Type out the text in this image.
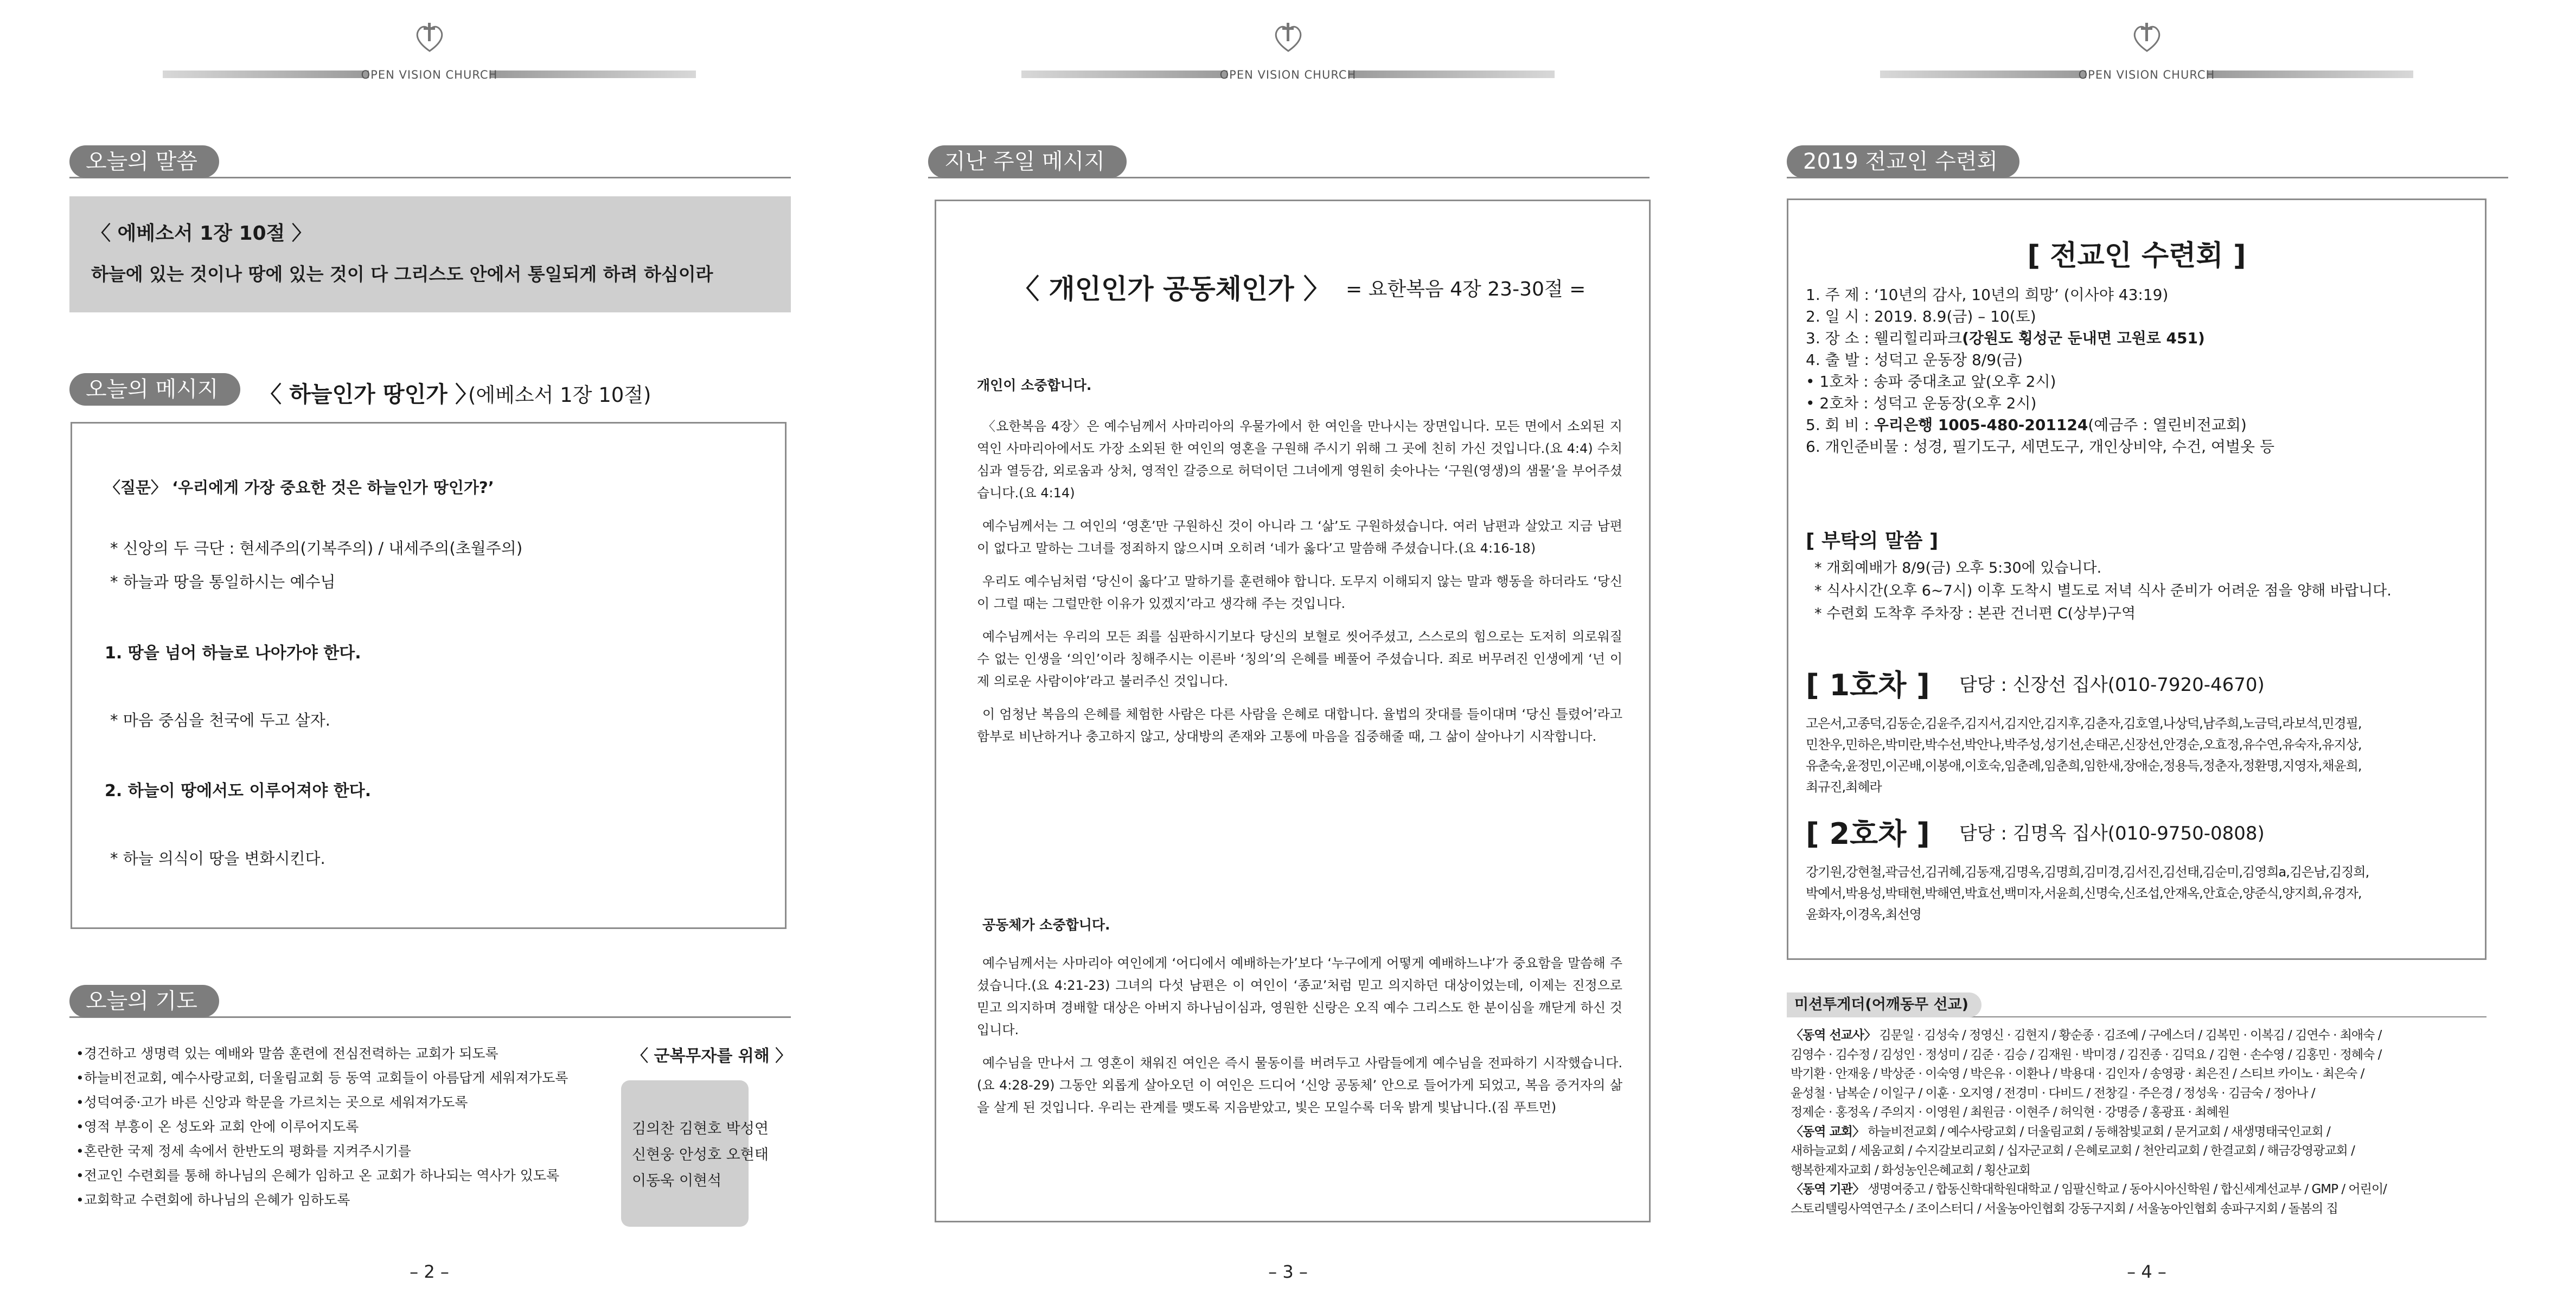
OPEN VISION CHURCH
오늘의 말씀
〈 에베소서 1장 10절 〉
하늘에 있는 것이나 땅에 있는 것이 다 그리스도 안에서 통일되게 하려 하심이라
오늘의 메시지	〈 하늘인가 땅인가 〉
(에베소서 1장 10절)
〈질문〉 ‘우리에게 가장 중요한 것은 하늘인가 땅인가?’
* 신앙의 두 극단 : 현세주의(기복주의) / 내세주의(초월주의)
* 하늘과 땅을 통일하시는 예수님
1. 땅을 넘어 하늘로 나아가야 한다.
* 마음 중심을 천국에 두고 살자.
2. 하늘이 땅에서도 이루어져야 한다.
* 하늘 의식이 땅을 변화시킨다.
오늘의 기도
•경건하고 생명력 있는 예배와 말씀 훈련에 전심전력하는 교회가 되도록
•하늘비전교회, 예수사랑교회, 더울림교회 등 동역 교회들이 아름답게 세워져가도록
•성덕여중·고가 바른 신앙과 학문을 가르치는 곳으로 세워져가도록
•영적 부흥이 온 성도와 교회 안에 이루어지도록
•혼란한 국제 정세 속에서 한반도의 평화를 지켜주시기를
•전교인 수련회를 통해 하나님의 은혜가 임하고 온 교회가 하나되는 역사가 있도록
•교회학교 수련회에 하나님의 은혜가 임하도록
〈 군복무자를 위해 〉
김의찬 김현호 박성연
신현웅 안성호 오현태
이동욱 이현석
– 2 –
OPEN VISION CHURCH
지난 주일 메시지
〈 개인인가 공동체인가 〉 = 요한복음 4장 23-30절 =
개인이 소중합니다.

〈요한복음 4장〉은 예수님께서 사마리아의 우물가에서 한 여인을 만나시는 장면입니다. 모든 면에서 소외된 지역인 사마리아에서도 가장 소외된 한 여인의 영혼을 구원해 주시기 위해 그 곳에 친히 가신 것입니다.(요 4:4) 수치심과 열등감, 외로움과 상처, 영적인 갈증으로 허덕이던 그녀에게 영원히 솟아나는 ‘구원(영생)의 샘물’을 부어주셨습니다.(요 4:14)

예수님께서는 그 여인의 ‘영혼’만 구원하신 것이 아니라 그 ‘삶’도 구원하셨습니다. 여러 남편과 살았고 지금 남편이 없다고 말하는 그녀를 정죄하지 않으시며 오히려 ‘네가 옳다’고 말씀해 주셨습니다.(요 4:16-18)

우리도 예수님처럼 ‘당신이 옳다’고 말하기를 훈련해야 합니다. 도무지 이해되지 않는 말과 행동을 하더라도 ‘당신이 그럴 때는 그럴만한 이유가 있겠지’라고 생각해 주는 것입니다.

예수님께서는 우리의 모든 죄를 심판하시기보다 당신의 보혈로 씻어주셨고, 스스로의 힘으로는 도저히 의로워질 수 없는 인생을 ‘의인’이라 칭해주시는 이른바 ‘칭의’의 은혜를 베풀어 주셨습니다. 죄로 버무려진 인생에게 ‘넌 이제 의로운 사람이야’라고 불러주신 것입니다.

이 엄청난 복음의 은혜를 체험한 사람은 다른 사람을 은혜로 대합니다. 율법의 잣대를 들이대며 ‘당신 틀렸어’라고 함부로 비난하거나 충고하지 않고, 상대방의 존재와 고통에 마음을 집중해줄 때, 그 삶이 살아나기 시작합니다.

공동체가 소중합니다.

예수님께서는 사마리아 여인에게 ‘어디에서 예배하는가’보다 ‘누구에게 어떻게 예배하느냐’가 중요함을 말씀해 주셨습니다.(요 4:21-23) 그녀의 다섯 남편은 이 여인이 ‘종교’처럼 믿고 의지하던 대상이었는데, 이제는 진정으로 믿고 의지하며 경배할 대상은 아버지 하나님이심과, 영원한 신랑은 오직 예수 그리스도 한 분이심을 깨닫게 하신 것입니다.

예수님을 만나서 그 영혼이 채워진 여인은 즉시 물동이를 버려두고 사람들에게 예수님을 전파하기 시작했습니다.(요 4:28-29) 그동안 외롭게 살아오던 이 여인은 드디어 ‘신앙 공동체’ 안으로 들어가게 되었고, 복음 증거자의 삶을 살게 된 것입니다. 우리는 관계를 맺도록 지음받았고, 빛은 모일수록 더욱 밝게 빛납니다.(짐 푸트먼)

– 3 –
OPEN VISION CHURCH
2019 전교인 수련회
[ 전교인 수련회 ]
1. 주 제 : ‘10년의 감사, 10년의 희망’ (이사야 43:19)
2. 일 시 : 2019. 8.9(금) – 10(토)
3. 장 소 : 웰리힐리파크(강원도 횡성군 둔내면 고원로 451)
4. 출 발 : 성덕고 운동장 8/9(금)
• 1호차 : 송파 중대초교 앞(오후 2시)
• 2호차 : 성덕고 운동장(오후 2시)
5. 회 비 : 우리은행 1005-480-201124(예금주 : 열린비전교회)
6. 개인준비물 : 성경, 필기도구, 세면도구, 개인상비약, 수건, 여벌옷 등
[ 부탁의 말씀 ]
* 개회예배가 8/9(금) 오후 5:30에 있습니다.
* 식사시간(오후 6~7시) 이후 도착시 별도로 저녁 식사 준비가 어려운 점을 양해 바랍니다.
* 수련회 도착후 주차장 : 본관 건너편 C(상부)구역
[ 1호차 ] 담당 : 신장선 집사(010-7920-4670)
고은서,고종덕,김동순,김윤주,김지서,김지안,김지후,김춘자,김호열,나상덕,남주희,노금덕,라보석,민경필,
민찬우,민하은,박미란,박수선,박안나,박주성,성기선,손태곤,신장선,안경순,오효정,유수연,유숙자,유지상,
유춘숙,윤정민,이곤배,이봉애,이호숙,임춘례,임춘희,임한새,장애순,정용득,정춘자,정환명,지영자,채윤희,
최규진,최혜라
[ 2호차 ] 담당 : 김명옥 집사(010-9750-0808)
강기원,강현철,곽금선,김귀혜,김동재,김명옥,김명희,김미경,김서진,김선태,김순미,김영희a,김은남,김징희,
박예서,박용성,박태현,박해연,박효선,백미자,서윤희,신명숙,신조섭,안재옥,안효순,양준식,양지희,유경자,
윤화자,이경옥,최선영
미션투게더(어깨동무 선교)
〈동역 선교사〉 김문일 · 김성숙 / 정영신 · 김현지 / 황순종 · 김조예 / 구에스더 / 김복민 · 이복김 / 김연수 · 최애숙 /
김영수 · 김수정 / 김성인 · 정성미 / 김준 · 김승 / 김재원 · 박미경 / 김진종 · 김덕요 / 김현 · 손수영 / 김홍민 · 정혜숙 /
박기환 · 안재웅 / 박상준 · 이숙영 / 박은유 · 이환나 / 박용대 · 김인자 / 송영광 · 최은진 / 스티브 카이노 · 최은숙 /
윤성철 · 남복순 / 이일구 / 이훈 · 오지영 / 전경미 · 다비드 / 전창길 · 주은경 / 정성욱 · 김금숙 / 정아나 /
정제순 · 홍정옥 / 주의지 · 이영원 / 최원금 · 이현주 / 허익현 · 강명증 / 홍광표 · 최혜원
〈동역 교회〉 하늘비전교회 / 예수사랑교회 / 더울림교회 / 동해참빛교회 / 문거교회 / 새생명태국인교회 /
새하늘교회 / 세움교회 / 수지갈보리교회 / 십자군교회 / 은혜로교회 / 천안리교회 / 한결교회 / 해금강영광교회 /
행복한제자교회 / 화성농인은혜교회 / 횡산교회
〈동역 기관〉 생명여중고 / 합동신학대학원대학교 / 임팔신학교 / 동아시아신학원 / 합신세계선교부 / GMP / 어린이/
스토리텔링사역연구소 / 조이스터디 / 서울농아인협회 강동구지회 / 서울농아인협회 송파구지회 / 돌봄의 집
– 4 –
